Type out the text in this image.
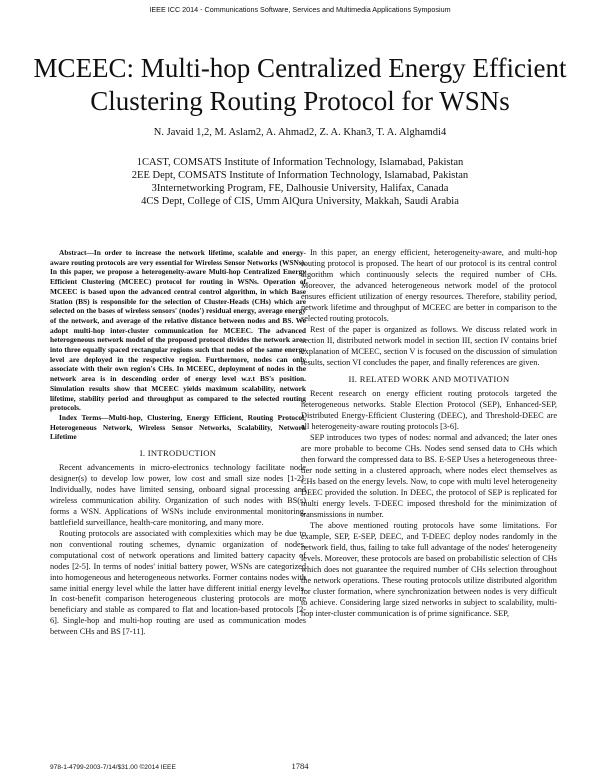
IEEE ICC 2014 - Communications Software, Services and Multimedia Applications Symposium
MCEEC: Multi-hop Centralized Energy Efficient
Clustering Routing Protocol for WSNs
N. Javaid 1,2, M. Aslam2, A. Ahmad2, Z. A. Khan3, T. A. Alghamdi4
1CAST, COMSATS Institute of Information Technology, Islamabad, Pakistan
2EE Dept, COMSATS Institute of Information Technology, Islamabad, Pakistan
3Internetworking Program, FE, Dalhousie University, Halifax, Canada
4CS Dept, College of CIS, Umm AlQura University, Makkah, Saudi Arabia

Abstract—In order to increase the network lifetime, scalable and energy-aware routing protocols are very essential for Wireless Sensor Networks (WSNs). In this paper, we propose a heterogeneity-aware Multi-hop Centralized Energy Efficient Clustering (MCEEC) protocol for routing in WSNs. Operation of MCEEC is based upon the advanced central control algorithm, in which Base Station (BS) is responsible for the selection of Cluster-Heads (CHs) which are selected on the bases of wireless sensors' (nodes') residual energy, average energy of the network, and average of the relative distance between nodes and BS. We adopt multi-hop inter-cluster communication for MCEEC. The advanced heterogeneous network model of the proposed protocol divides the network area into three equally spaced rectangular regions such that nodes of the same energy level are deployed in the respective region. Furthermore, nodes can only associate with their own region's CHs. In MCEEC, deployment of nodes in the network area is in descending order of energy level w.r.t BS's position. Simulation results show that MCEEC yields maximum scalability, network lifetime, stability period and throughput as compared to the selected routing protocols.

Index Terms—Multi-hop, Clustering, Energy Efficient, Routing Protocol, Heterogeneous Network, Wireless Sensor Networks, Scalability, Network Lifetime

I. INTRODUCTION

Recent advancements in micro-electronics technology facilitate node designer(s) to develop low power, low cost and small size nodes [1-2]. Individually, nodes have limited sensing, onboard signal processing and wireless communication ability. Organization of such nodes with BS(s) forms a WSN. Applications of WSNs include environmental monitoring, battlefield surveillance, health-care monitoring, and many more.

Routing protocols are associated with complexities which may be due to non conventional routing schemes, dynamic organization of nodes, computational cost of network operations and limited battery capacity of nodes [2-5]. In terms of nodes' initial battery power, WSNs are categorized into homogeneous and heterogeneous networks. Former contains nodes with same initial energy level while the latter have different initial energy levels. In cost-benefit comparison heterogeneous clustering protocols are more beneficiary and stable as compared to flat and location-based protocols [2-6]. Single-hop and multi-hop routing are used as communication modes between CHs and BS [7-11].

In this paper, an energy efficient, heterogeneity-aware, and multi-hop routing protocol is proposed. The heart of our protocol is its central control algorithm which continuously selects the required number of CHs. Moreover, the advanced heterogeneous network model of the protocol ensures efficient utilization of energy resources. Therefore, stability period, network lifetime and throughput of MCEEC are better in comparison to the selected routing protocols.

Rest of the paper is organized as follows. We discuss related work in section II, distributed network model in section III, section IV contains brief explanation of MCEEC, section V is focused on the discussion of simulation results, section VI concludes the paper, and finally references are given.

II. RELATED WORK AND MOTIVATION

Recent research on energy efficient routing protocols targeted the heterogeneous networks. Stable Election Protocol (SEP), Enhanced-SEP, Distributed Energy-Efficient Clustering (DEEC), and Threshold-DEEC are all heterogeneity-aware routing protocols [3-6].

SEP introduces two types of nodes: normal and advanced; the later ones are more probable to become CHs. Nodes send sensed data to CHs which then forward the compressed data to BS. E-SEP Uses a heterogeneous three-tier node setting in a clustered approach, where nodes elect themselves as CHs based on the energy levels. Now, to cope with multi level heterogeneity DEEC provided the solution. In DEEC, the protocol of SEP is replicated for multi energy levels. T-DEEC imposed threshold for the minimization of transmissions in number.

The above mentioned routing protocols have some limitations. For example, SEP, E-SEP, DEEC, and T-DEEC deploy nodes randomly in the network field, thus, failing to take full advantage of the nodes' heterogeneity levels. Moreover, these protocols are based on probabilistic selection of CHs which does not guarantee the required number of CHs selection throughout the network operations. These routing protocols utilize distributed algorithm for cluster formation, where synchronization between nodes is very difficult to achieve. Considering large sized networks in subject to scalability, multi-hop inter-cluster communication is of prime significance. SEP,

978-1-4799-2003-7/14/$31.00 ©2014 IEEE	1784
